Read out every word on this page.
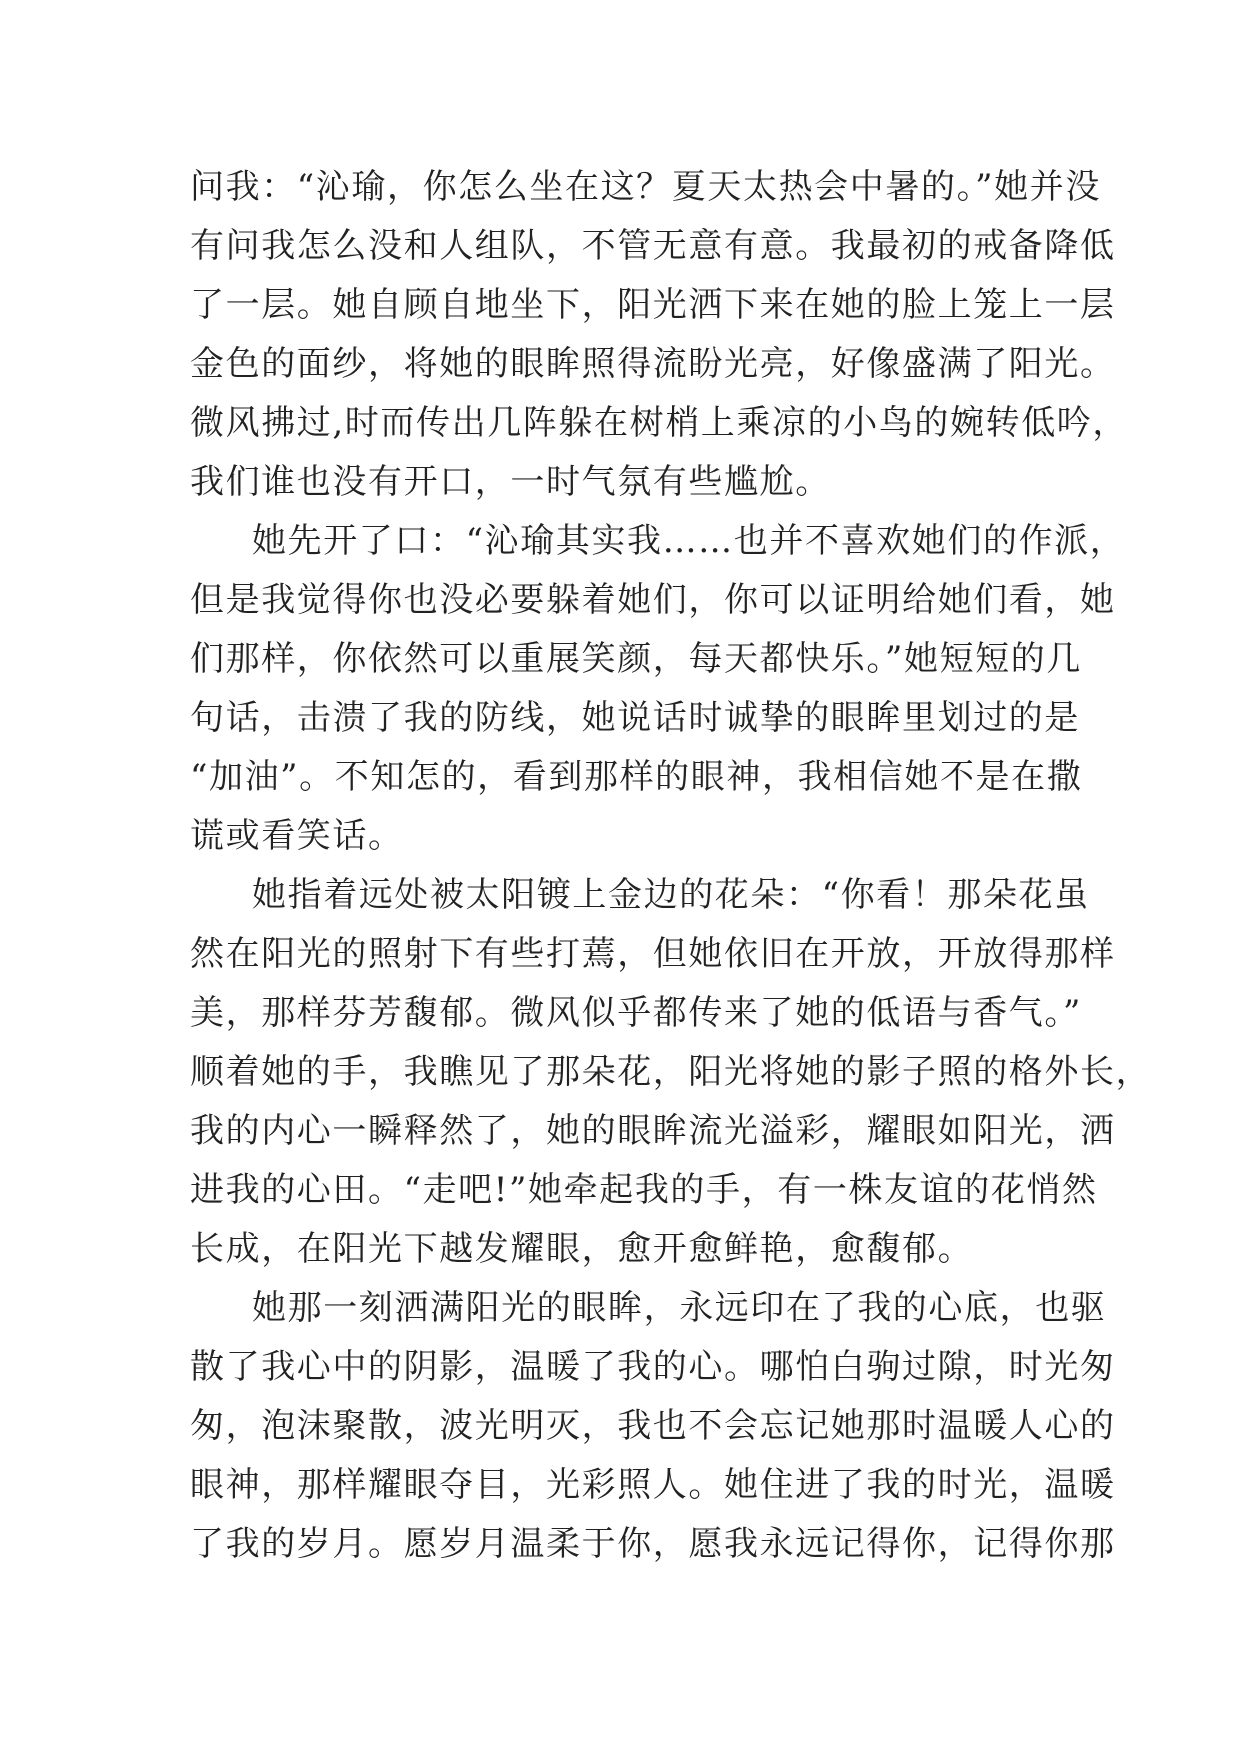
问我：“沁瑜，你怎么坐在这？夏天太热会中暑的。”她并没
有问我怎么没和人组队，不管无意有意。我最初的戒备降低
了一层。她自顾自地坐下，阳光洒下来在她的脸上笼上一层
金色的面纱，将她的眼眸照得流盼光亮，好像盛满了阳光。
微风拂过,时而传出几阵躲在树梢上乘凉的小鸟的婉转低吟，
我们谁也没有开口，一时气氛有些尴尬。
她先开了口：“沁瑜其实我……也并不喜欢她们的作派，
但是我觉得你也没必要躲着她们，你可以证明给她们看，她
们那样，你依然可以重展笑颜，每天都快乐。”她短短的几
句话，击溃了我的防线，她说话时诚挚的眼眸里划过的是
“加油”。不知怎的，看到那样的眼神，我相信她不是在撒
谎或看笑话。
她指着远处被太阳镀上金边的花朵：“你看！那朵花虽
然在阳光的照射下有些打蔫，但她依旧在开放，开放得那样
美，那样芬芳馥郁。微风似乎都传来了她的低语与香气。”
顺着她的手，我瞧见了那朵花，阳光将她的影子照的格外长，
我的内心一瞬释然了，她的眼眸流光溢彩，耀眼如阳光，洒
进我的心田。“走吧!”她牵起我的手，有一株友谊的花悄然
长成，在阳光下越发耀眼，愈开愈鲜艳，愈馥郁。
她那一刻洒满阳光的眼眸，永远印在了我的心底，也驱
散了我心中的阴影，温暖了我的心。哪怕白驹过隙，时光匆
匆，泡沫聚散，波光明灭，我也不会忘记她那时温暖人心的
眼神，那样耀眼夺目，光彩照人。她住进了我的时光，温暖
了我的岁月。愿岁月温柔于你，愿我永远记得你，记得你那
